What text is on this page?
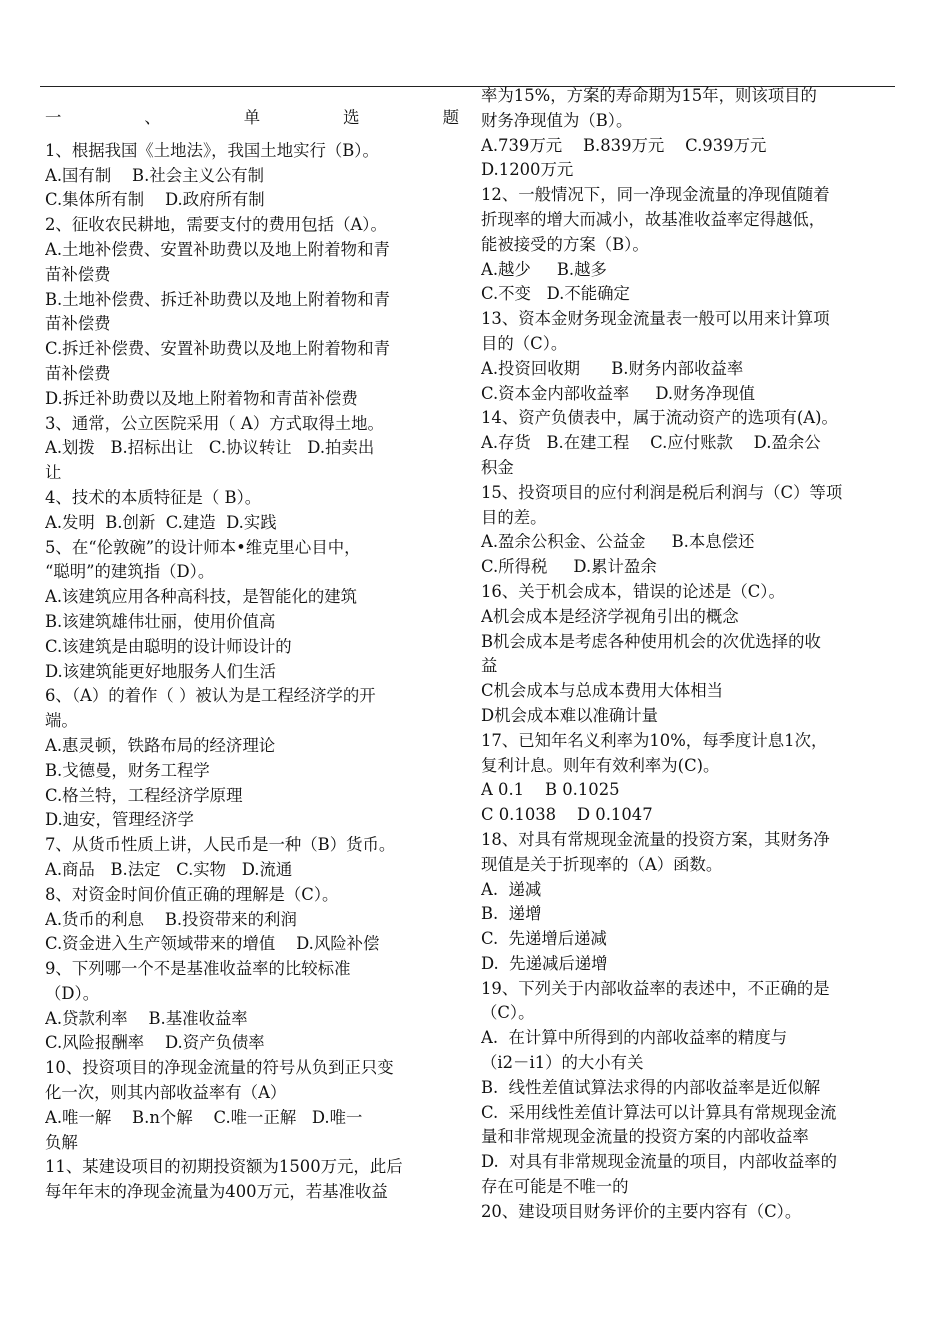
一	、	单	选	题
1、根据我国《土地法》，我国土地实行（B）。
A.国有制    B.社会主义公有制
C.集体所有制    D.政府所有制
2、征收农民耕地，需要支付的费用包括（A）。
A.土地补偿费、安置补助费以及地上附着物和青
苗补偿费
B.土地补偿费、拆迁补助费以及地上附着物和青
苗补偿费
C.拆迁补偿费、安置补助费以及地上附着物和青
苗补偿费
D.拆迁补助费以及地上附着物和青苗补偿费
3、通常，公立医院采用（ A）方式取得土地。
A.划拨   B.招标出让   C.协议转让   D.拍卖出
让
4、技术的本质特征是（ B）。
A.发明  B.创新  C.建造  D.实践
5、在“伦敦碗”的设计师本•维克里心目中，
“聪明”的建筑指（D）。
A.该建筑应用各种高科技，是智能化的建筑
B.该建筑雄伟壮丽，使用价值高
C.该建筑是由聪明的设计师设计的
D.该建筑能更好地服务人们生活
6、（A）的着作（ ）被认为是工程经济学的开
端。
A.惠灵顿，铁路布局的经济理论
B.戈德曼，财务工程学
C.格兰特，工程经济学原理
D.迪安，管理经济学
7、从货币性质上讲，人民币是一种（B）货币。
A.商品   B.法定   C.实物   D.流通
8、对资金时间价值正确的理解是（C）。
A.货币的利息    B.投资带来的利润
C.资金进入生产领域带来的增值    D.风险补偿
9、下列哪一个不是基准收益率的比较标准
（D）。
A.贷款利率    B.基准收益率
C.风险报酬率    D.资产负债率
10、投资项目的净现金流量的符号从负到正只变
化一次，则其内部收益率有（A）
A.唯一解    B.n个解    C.唯一正解   D.唯一
负解
11、某建设项目的初期投资额为1500万元，此后
每年年末的净现金流量为400万元，若基准收益
率为15%，方案的寿命期为15年，则该项目的
财务净现值为（B）。
A.739万元    B.839万元    C.939万元
D.1200万元
12、一般情况下，同一净现金流量的净现值随着
折现率的增大而减小，故基准收益率定得越低，
能被接受的方案（B）。
A.越少     B.越多
C.不变   D.不能确定
13、资本金财务现金流量表一般可以用来计算项
目的（C）。
A.投资回收期      B.财务内部收益率
C.资本金内部收益率     D.财务净现值
14、资产负债表中，属于流动资产的选项有(A)。
A.存货   B.在建工程    C.应付账款    D.盈余公
积金
15、投资项目的应付利润是税后利润与（C）等项
目的差。
A.盈余公积金、公益金     B.本息偿还
C.所得税     D.累计盈余
16、关于机会成本，错误的论述是（C）。
A机会成本是经济学视角引出的概念
B机会成本是考虑各种使用机会的次优选择的收
益
C机会成本与总成本费用大体相当
D机会成本难以准确计量
17、已知年名义利率为10%，每季度计息1次，
复利计息。则年有效利率为(C)。
A 0.1    B 0.1025
C 0.1038    D 0.1047
18、对具有常规现金流量的投资方案，其财务净
现值是关于折现率的（A）函数。
A.  递减
B.  递增
C.  先递增后递减
D.  先递减后递增
19、下列关于内部收益率的表述中，不正确的是
（C）。
A.  在计算中所得到的内部收益率的精度与
（i2－i1）的大小有关
B.  线性差值试算法求得的内部收益率是近似解
C.  采用线性差值计算法可以计算具有常规现金流
量和非常规现金流量的投资方案的内部收益率
D.  对具有非常规现金流量的项目，内部收益率的
存在可能是不唯一的
20、建设项目财务评价的主要内容有（C）。
